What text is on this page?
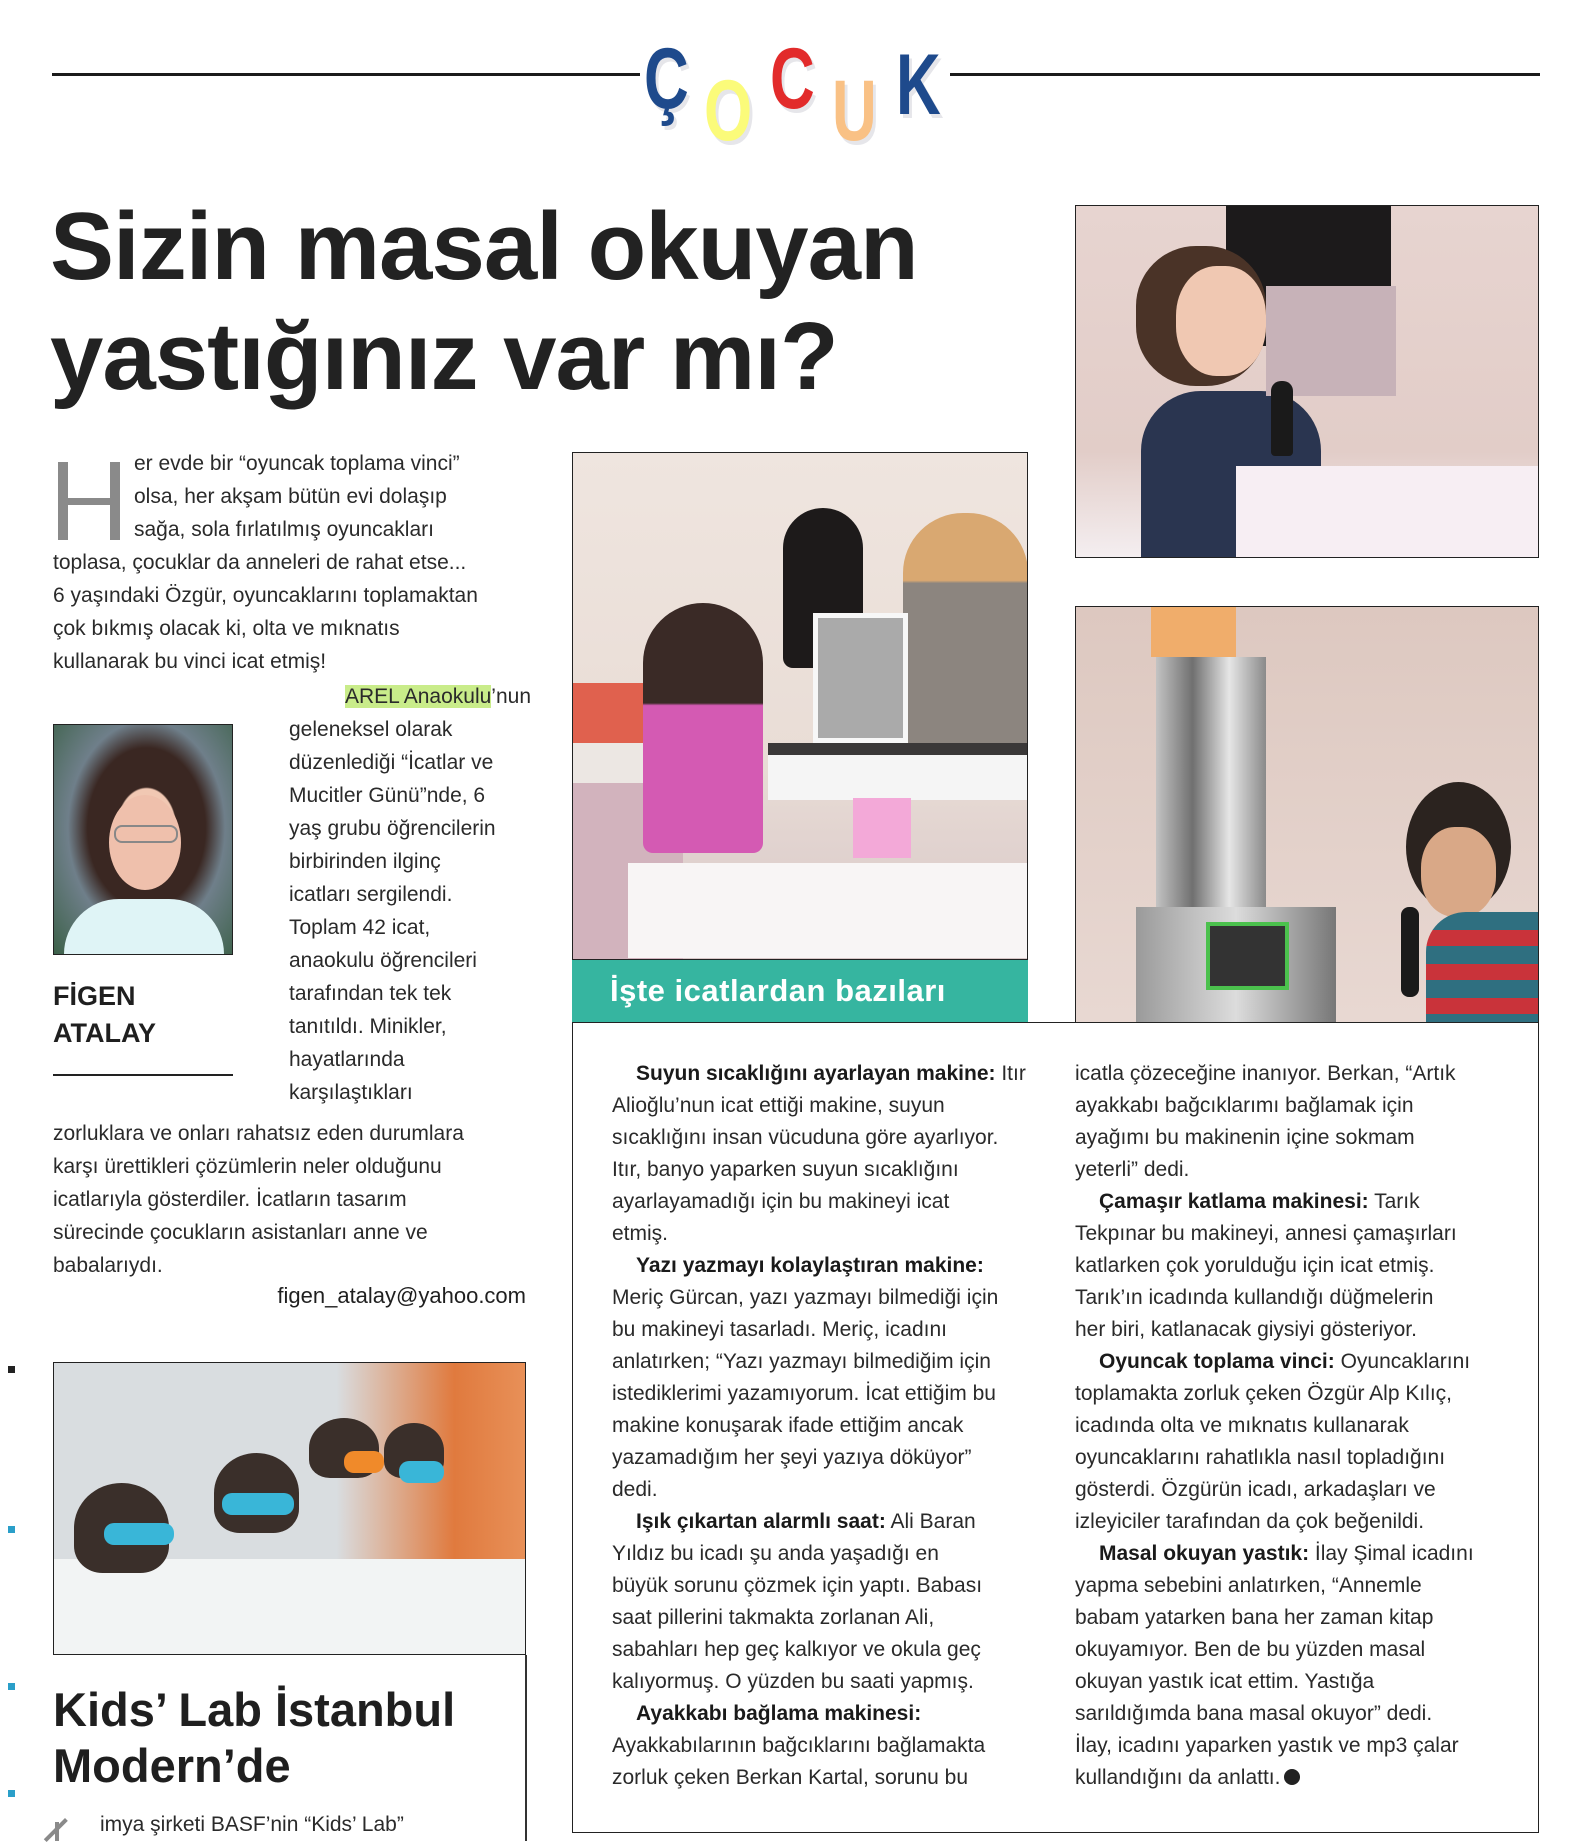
Ç O C U K
Sizin masal okuyan
yastığınız var mı?
er evde bir “oyuncak toplama vinci”
olsa, her akşam bütün evi dolaşıp
sağa, sola fırlatılmış oyuncakları
toplasa, çocuklar da anneleri de rahat etse...
6 yaşındaki Özgür, oyuncaklarını toplamaktan
çok bıkmış olacak ki, olta ve mıknatıs
kullanarak bu vinci icat etmiş!
AREL Anaokulu’nun
geleneksel olarak
düzenlediği “İcatlar ve
Mucitler Günü”nde, 6
yaş grubu öğrencilerin
birbirinden ilginç
icatları sergilendi.
Toplam 42 icat,
anaokulu öğrencileri
tarafından tek tek
tanıtıldı. Minikler,
hayatlarında
karşılaştıkları
FİGEN
ATALAY
zorluklara ve onları rahatsız eden durumlara
karşı ürettikleri çözümlerin neler olduğunu
icatlarıyla gösterdiler. İcatların tasarım
sürecinde çocukların asistanları anne ve
babalarıydı.
figen_atalay@yahoo.com
Kids’ Lab İstanbul
Modern’de
imya şirketi BASF’nin “Kids’ Lab”
İşte icatlardan bazıları
Suyun sıcaklığını ayarlayan makine: Itır
Alioğlu’nun icat ettiği makine, suyun
sıcaklığını insan vücuduna göre ayarlıyor.
Itır, banyo yaparken suyun sıcaklığını
ayarlayamadığı için bu makineyi icat
etmiş.
Yazı yazmayı kolaylaştıran makine:
Meriç Gürcan, yazı yazmayı bilmediği için
bu makineyi tasarladı. Meriç, icadını
anlatırken; “Yazı yazmayı bilmediğim için
istediklerimi yazamıyorum. İcat ettiğim bu
makine konuşarak ifade ettiğim ancak
yazamadığım her şeyi yazıya döküyor”
dedi.
Işık çıkartan alarmlı saat: Ali Baran
Yıldız bu icadı şu anda yaşadığı en
büyük sorunu çözmek için yaptı. Babası
saat pillerini takmakta zorlanan Ali,
sabahları hep geç kalkıyor ve okula geç
kalıyormuş. O yüzden bu saati yapmış.
Ayakkabı bağlama makinesi:
Ayakkabılarının bağcıklarını bağlamakta
zorluk çeken Berkan Kartal, sorunu bu
icatla çözeceğine inanıyor. Berkan, “Artık
ayakkabı bağcıklarımı bağlamak için
ayağımı bu makinenin içine sokmam
yeterli” dedi.
Çamaşır katlama makinesi: Tarık
Tekpınar bu makineyi, annesi çamaşırları
katlarken çok yorulduğu için icat etmiş.
Tarık’ın icadında kullandığı düğmelerin
her biri, katlanacak giysiyi gösteriyor.
Oyuncak toplama vinci: Oyuncaklarını
toplamakta zorluk çeken Özgür Alp Kılıç,
icadında olta ve mıknatıs kullanarak
oyuncaklarını rahatlıkla nasıl topladığını
gösterdi. Özgürün icadı, arkadaşları ve
izleyiciler tarafından da çok beğenildi.
Masal okuyan yastık: İlay Şimal icadını
yapma sebebini anlatırken, “Annemle
babam yatarken bana her zaman kitap
okuyamıyor. Ben de bu yüzden masal
okuyan yastık icat ettim. Yastığa
sarıldığımda bana masal okuyor” dedi.
İlay, icadını yaparken yastık ve mp3 çalar
kullandığını da anlattı.
